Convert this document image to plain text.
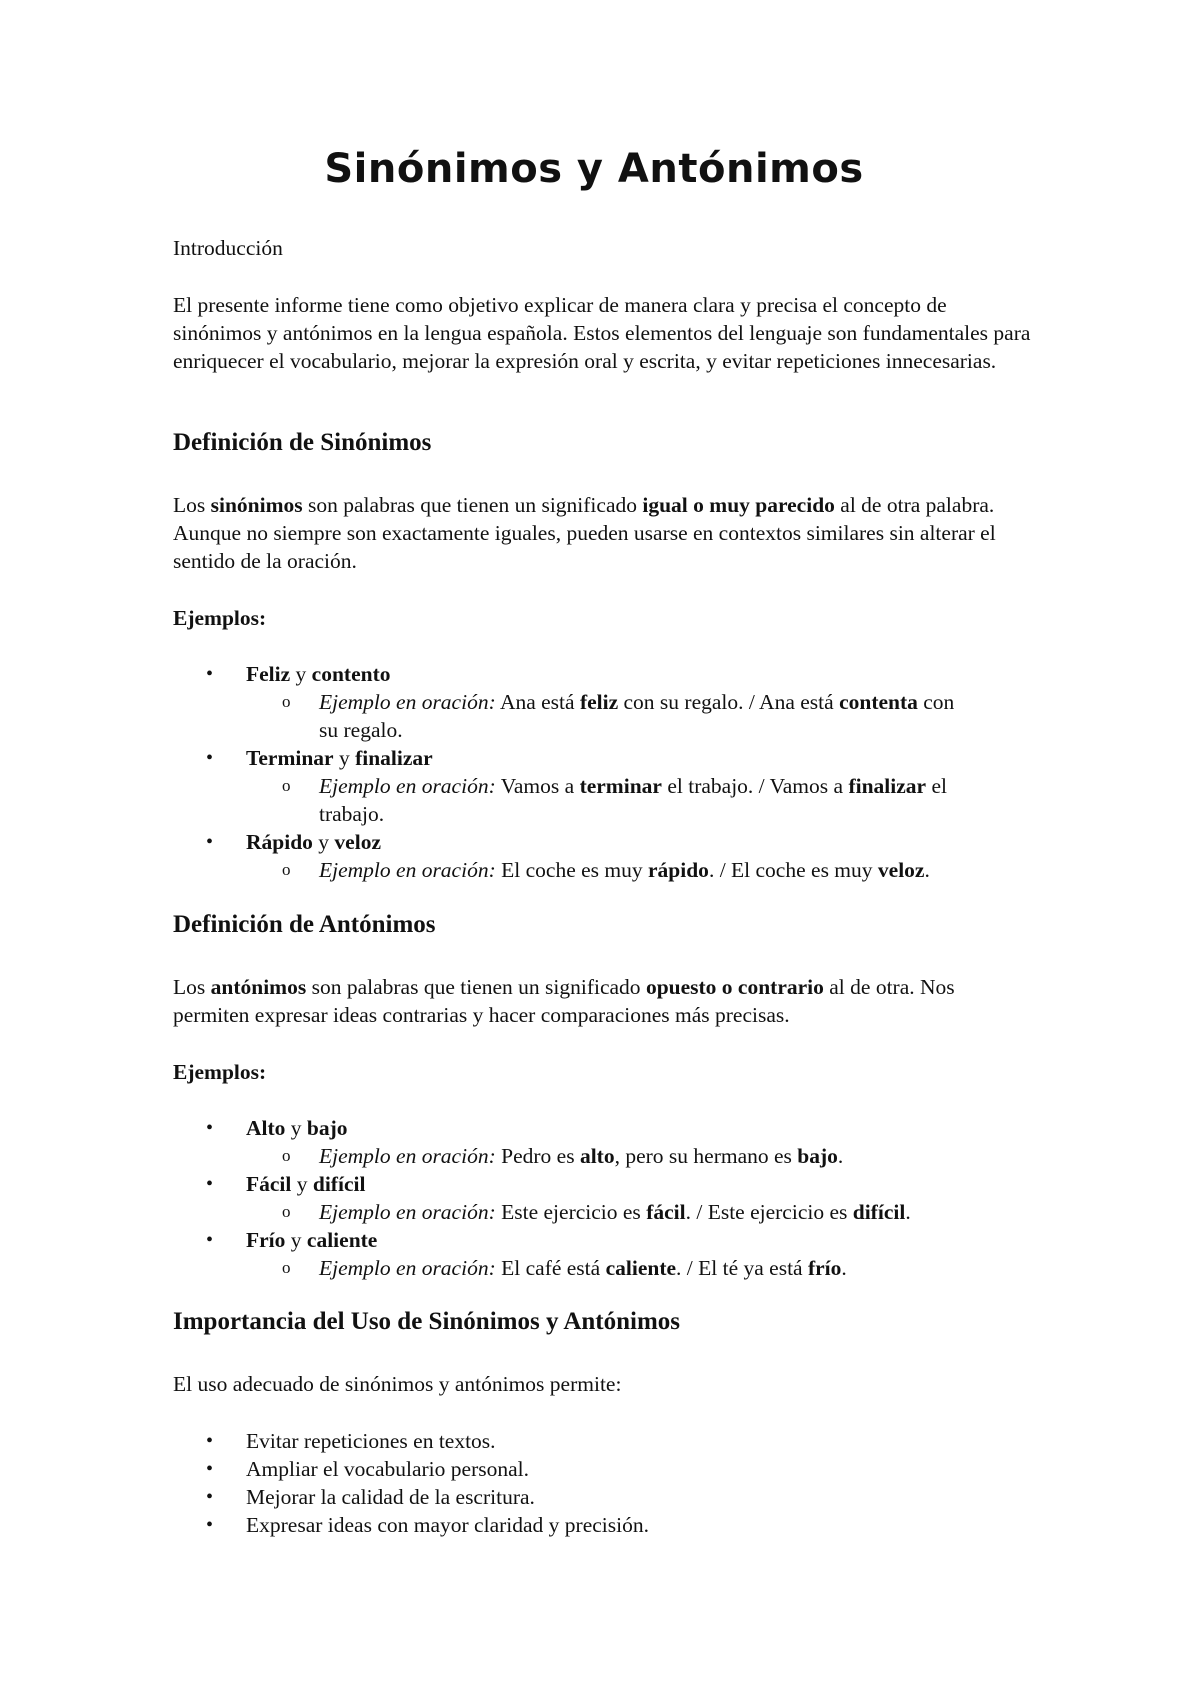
Sinónimos y Antónimos
Introducción
El presente informe tiene como objetivo explicar de manera clara y precisa el concepto de sinónimos y antónimos en la lengua española. Estos elementos del lenguaje son fundamentales para enriquecer el vocabulario, mejorar la expresión oral y escrita, y evitar repeticiones innecesarias.
Definición de Sinónimos
Los sinónimos son palabras que tienen un significado igual o muy parecido al de otra palabra. Aunque no siempre son exactamente iguales, pueden usarse en contextos similares sin alterar el sentido de la oración.
Ejemplos:
• Feliz y contento
o Ejemplo en oración: Ana está feliz con su regalo. / Ana está contenta con su regalo.
• Terminar y finalizar
o Ejemplo en oración: Vamos a terminar el trabajo. / Vamos a finalizar el trabajo.
• Rápido y veloz
o Ejemplo en oración: El coche es muy rápido. / El coche es muy veloz.
Definición de Antónimos
Los antónimos son palabras que tienen un significado opuesto o contrario al de otra. Nos permiten expresar ideas contrarias y hacer comparaciones más precisas.
Ejemplos:
• Alto y bajo
o Ejemplo en oración: Pedro es alto, pero su hermano es bajo.
• Fácil y difícil
o Ejemplo en oración: Este ejercicio es fácil. / Este ejercicio es difícil.
• Frío y caliente
o Ejemplo en oración: El café está caliente. / El té ya está frío.
Importancia del Uso de Sinónimos y Antónimos
El uso adecuado de sinónimos y antónimos permite:
• Evitar repeticiones en textos.
• Ampliar el vocabulario personal.
• Mejorar la calidad de la escritura.
• Expresar ideas con mayor claridad y precisión.
